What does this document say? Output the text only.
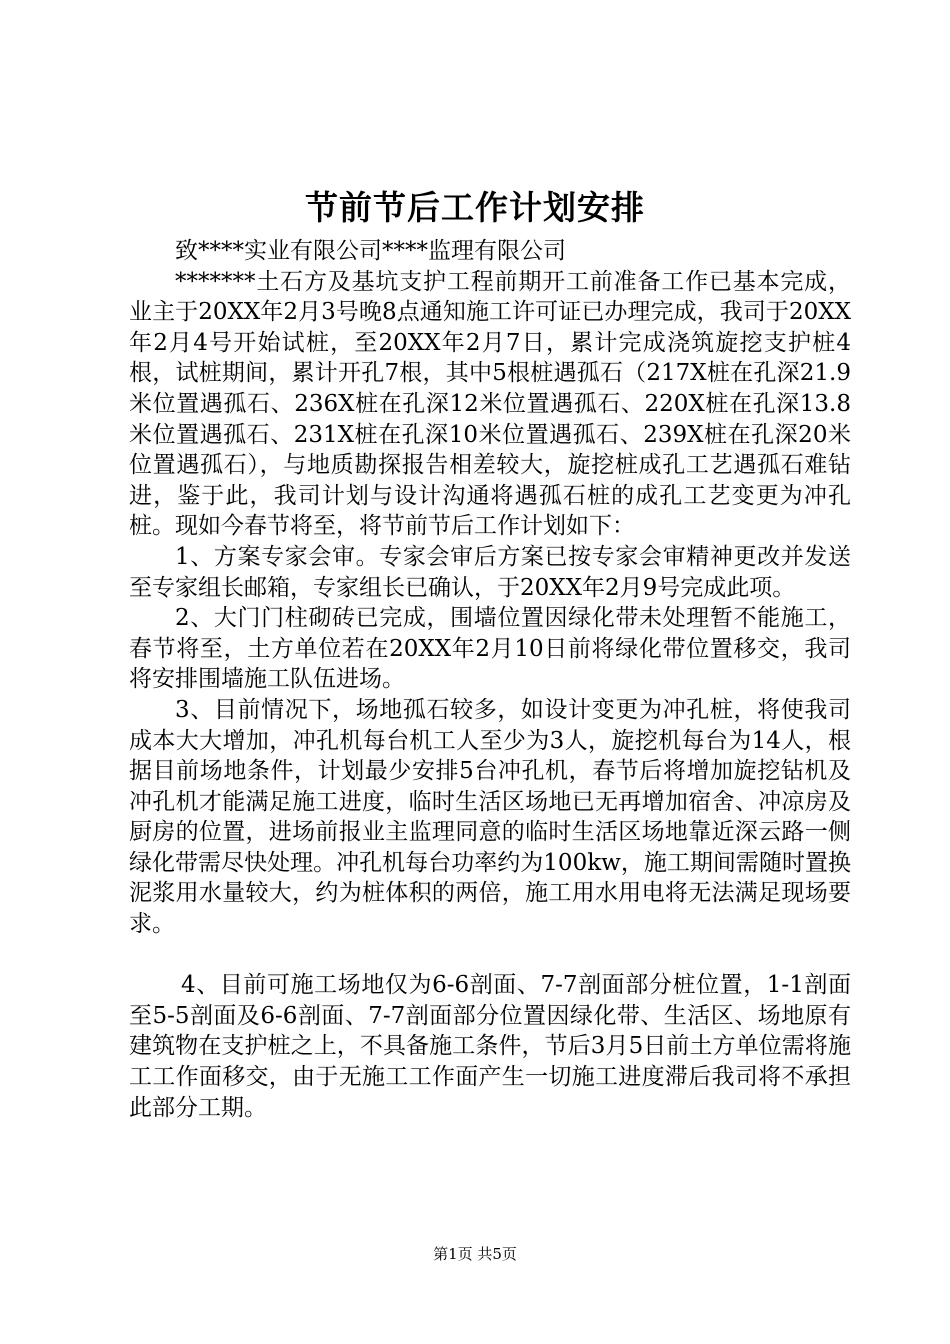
节前节后工作计划安排

致****实业有限公司****监理有限公司

*******土石方及基坑支护工程前期开工前准备工作已基本完成，业主于20XX年2月3号晚8点通知施工许可证已办理完成，我司于20XX年2月4号开始试桩，至20XX年2月7日，累计完成浇筑旋挖支护桩4根，试桩期间，累计开孔7根，其中5根桩遇孤石（217X桩在孔深21.9米位置遇孤石、236X桩在孔深12米位置遇孤石、220X桩在孔深13.8米位置遇孤石、231X桩在孔深10米位置遇孤石、239X桩在孔深20米位置遇孤石），与地质勘探报告相差较大，旋挖桩成孔工艺遇孤石难钻进，鉴于此，我司计划与设计沟通将遇孤石桩的成孔工艺变更为冲孔桩。现如今春节将至，将节前节后工作计划如下：

1、方案专家会审。专家会审后方案已按专家会审精神更改并发送至专家组长邮箱，专家组长已确认，于20XX年2月9号完成此项。

2、大门门柱砌砖已完成，围墙位置因绿化带未处理暂不能施工，春节将至，土方单位若在20XX年2月10日前将绿化带位置移交，我司将安排围墙施工队伍进场。

3、目前情况下，场地孤石较多，如设计变更为冲孔桩，将使我司成本大大增加，冲孔机每台机工人至少为3人，旋挖机每台为14人，根据目前场地条件，计划最少安排5台冲孔机，春节后将增加旋挖钻机及冲孔机才能满足施工进度，临时生活区场地已无再增加宿舍、冲凉房及厨房的位置，进场前报业主监理同意的临时生活区场地靠近深云路一侧绿化带需尽快处理。冲孔机每台功率约为100kw，施工期间需随时置换泥浆用水量较大，约为桩体积的两倍，施工用水用电将无法满足现场要求。

4、目前可施工场地仅为6-6剖面、7-7剖面部分桩位置，1-1剖面至5-5剖面及6-6剖面、7-7剖面部分位置因绿化带、生活区、场地原有建筑物在支护桩之上，不具备施工条件，节后3月5日前土方单位需将施工工作面移交，由于无施工工作面产生一切施工进度滞后我司将不承担此部分工期。

第1页 共5页
